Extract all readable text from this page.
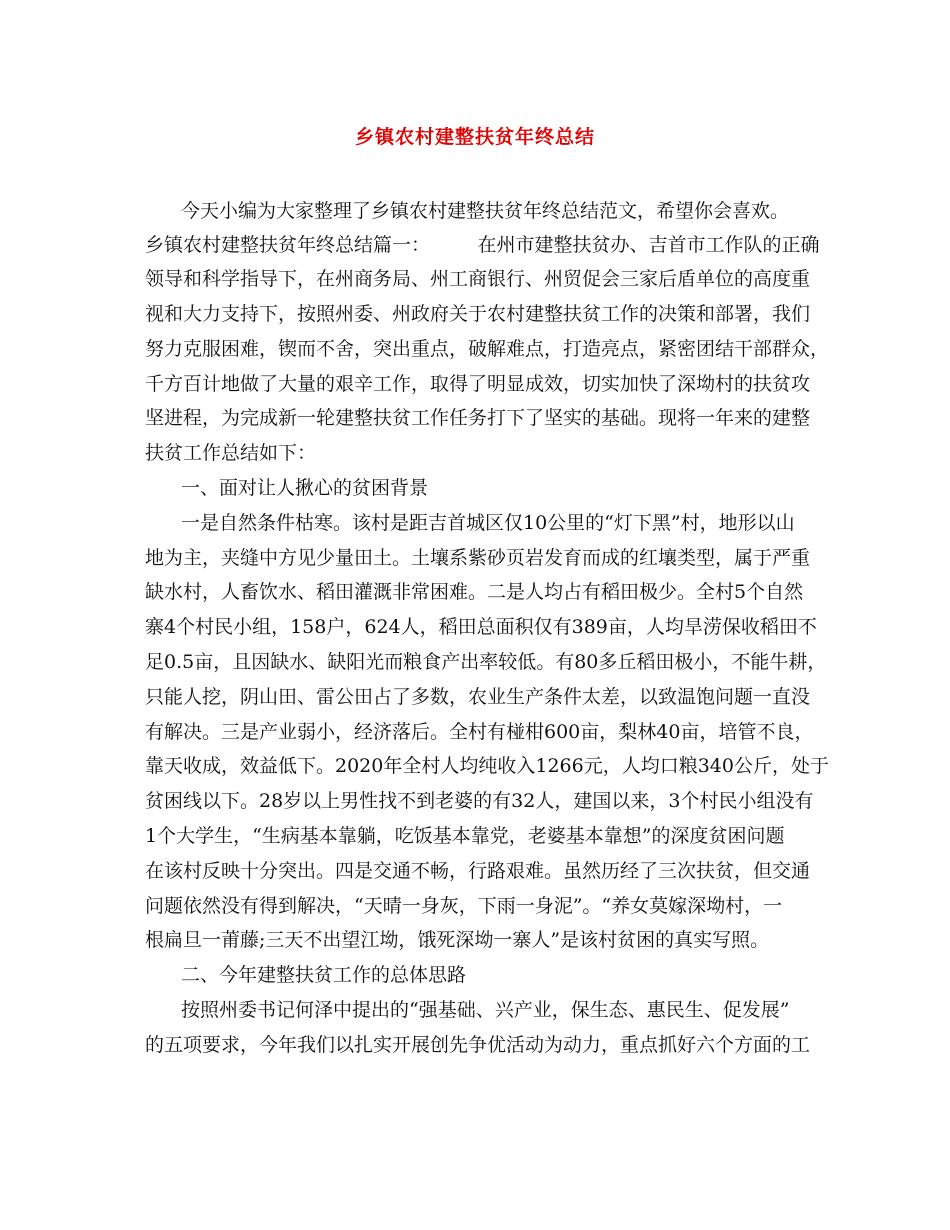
乡镇农村建整扶贫年终总结
今天小编为大家整理了乡镇农村建整扶贫年终总结范文，希望你会喜欢。
乡镇农村建整扶贫年终总结篇一：　　　在州市建整扶贫办、吉首市工作队的正确
领导和科学指导下，在州商务局、州工商银行、州贸促会三家后盾单位的高度重
视和大力支持下，按照州委、州政府关于农村建整扶贫工作的决策和部署，我们
努力克服困难，锲而不舍，突出重点，破解难点，打造亮点，紧密团结干部群众，
千方百计地做了大量的艰辛工作，取得了明显成效，切实加快了深坳村的扶贫攻
坚进程，为完成新一轮建整扶贫工作任务打下了坚实的基础。现将一年来的建整
扶贫工作总结如下：
一、面对让人揪心的贫困背景
一是自然条件枯寒。该村是距吉首城区仅10公里的“灯下黑”村，地形以山
地为主，夹缝中方见少量田土。土壤系紫砂页岩发育而成的红壤类型，属于严重
缺水村，人畜饮水、稻田灌溉非常困难。二是人均占有稻田极少。全村5个自然
寨4个村民小组，158户，624人，稻田总面积仅有389亩，人均旱涝保收稻田不
足0.5亩，且因缺水、缺阳光而粮食产出率较低。有80多丘稻田极小，不能牛耕，
只能人挖，阴山田、雷公田占了多数，农业生产条件太差，以致温饱问题一直没
有解决。三是产业弱小，经济落后。全村有椪柑600亩，梨林40亩，培管不良，
靠天收成，效益低下。2020年全村人均纯收入1266元，人均口粮340公斤，处于
贫困线以下。28岁以上男性找不到老婆的有32人，建国以来，3个村民小组没有
1个大学生，“生病基本靠躺，吃饭基本靠党，老婆基本靠想”的深度贫困问题
在该村反映十分突出。四是交通不畅，行路艰难。虽然历经了三次扶贫，但交通
问题依然没有得到解决，“天晴一身灰，下雨一身泥”。“养女莫嫁深坳村，一
根扁旦一莆藤;三天不出望江坳，饿死深坳一寨人”是该村贫困的真实写照。
二、今年建整扶贫工作的总体思路
按照州委书记何泽中提出的“强基础、兴产业，保生态、惠民生、促发展”
的五项要求，今年我们以扎实开展创先争优活动为动力，重点抓好六个方面的工
